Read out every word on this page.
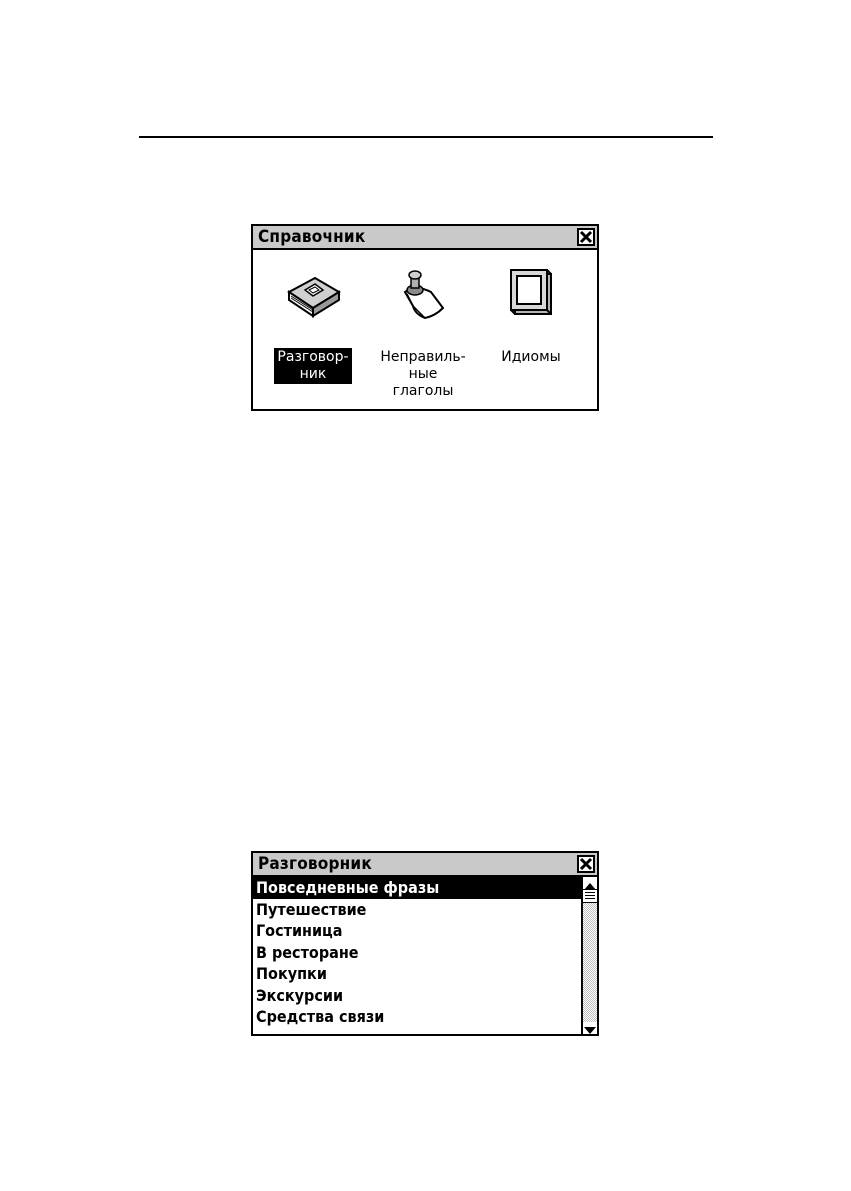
Справочник
Разговор-
ник
Неправиль-
ные
глаголы
Идиомы
Разговорник
Повседневные фразы
Путешествие
Гостиница
В ресторане
Покупки
Экскурсии
Средства связи
